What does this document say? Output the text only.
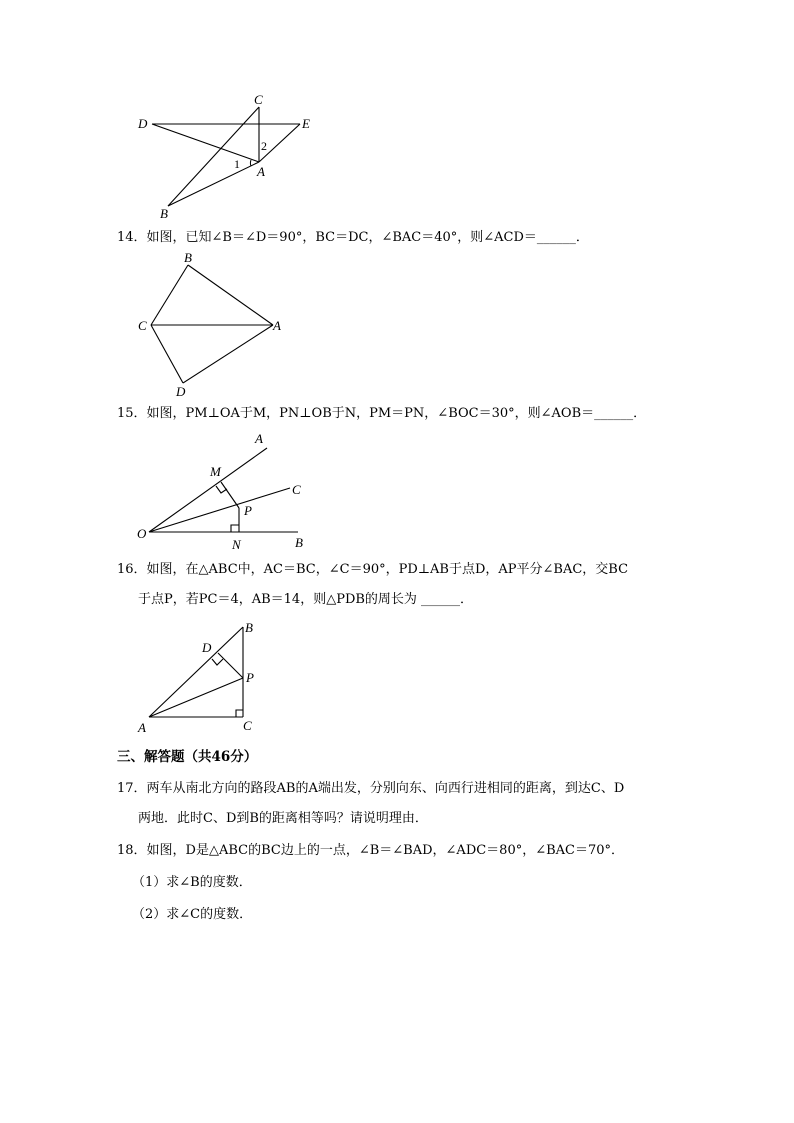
C
D	E
A
B
1
2
14．如图，已知∠B＝∠D＝90°，BC＝DC，∠BAC＝40°，则∠ACD＝______．
B
C	A
D
15．如图，PM⊥OA于M，PN⊥OB于N，PM＝PN，∠BOC＝30°，则∠AOB＝______．
A
M
C
P
O
N	B
16．如图，在△ABC中，AC＝BC，∠C＝90°，PD⊥AB于点D，AP平分∠BAC，交BC
于点P，若PC＝4，AB＝14，则△PDB的周长为 ______．
B
D
P
A	C
三、解答题（共46分）
17．两车从南北方向的路段AB的A端出发，分别向东、向西行进相同的距离，到达C、D
两地．此时C、D到B的距离相等吗？请说明理由．
18．如图，D是△ABC的BC边上的一点，∠B＝∠BAD，∠ADC＝80°，∠BAC＝70°．
（1）求∠B的度数．
（2）求∠C的度数．
